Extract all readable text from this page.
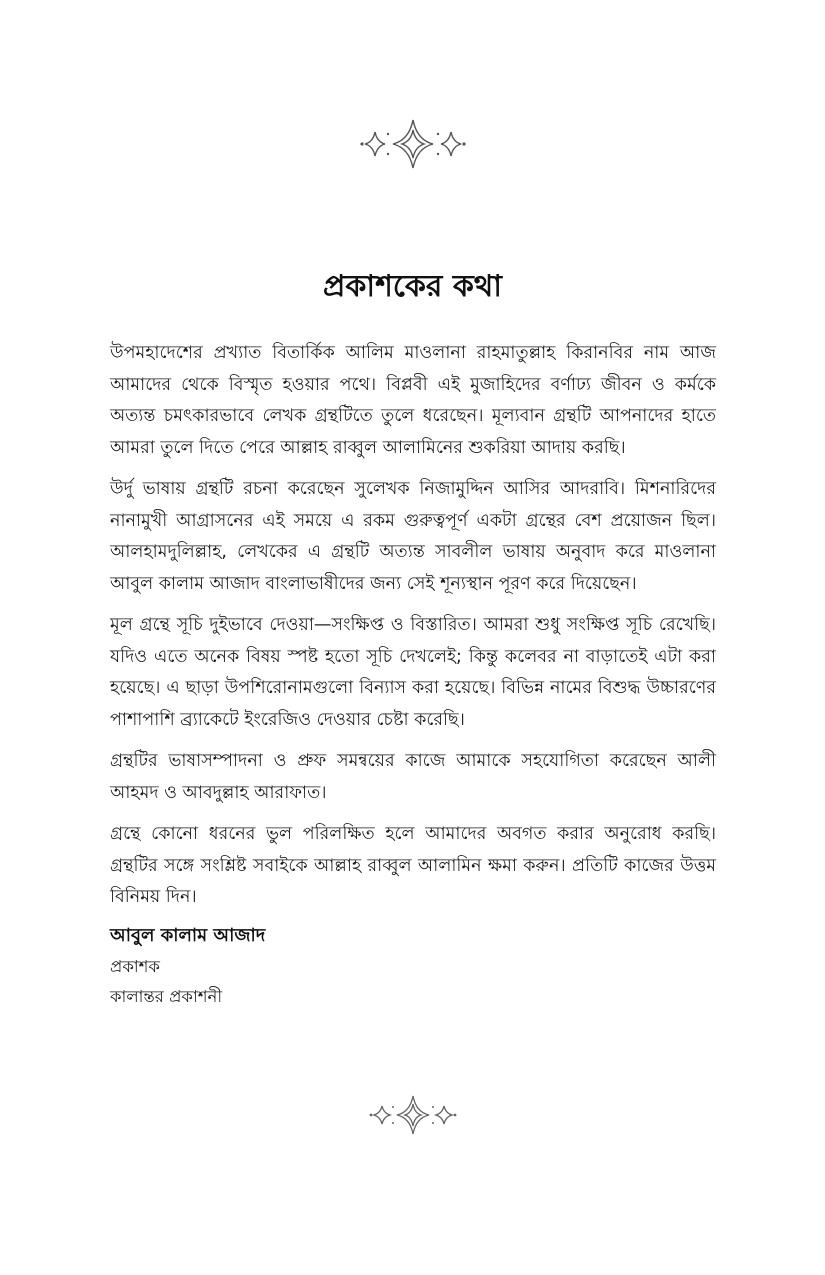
প্রকাশকের কথা

উপমহাদেশের প্রখ্যাত বিতার্কিক আলিম মাওলানা রাহমাতুল্লাহ কিরানবির নাম আজ আমাদের থেকে বিস্মৃত হওয়ার পথে। বিপ্লবী এই মুজাহিদের বর্ণাঢ্য জীবন ও কর্মকে অত্যন্ত চমৎকারভাবে লেখক গ্রন্থটিতে তুলে ধরেছেন। মূল্যবান গ্রন্থটি আপনাদের হাতে আমরা তুলে দিতে পেরে আল্লাহ রাব্বুল আলামিনের শুকরিয়া আদায় করছি।

উর্দু ভাষায় গ্রন্থটি রচনা করেছেন সুলেখক নিজামুদ্দিন আসির আদরাবি। মিশনারিদের নানামুখী আগ্রাসনের এই সময়ে এ রকম গুরুত্বপূর্ণ একটা গ্রন্থের বেশ প্রয়োজন ছিল। আলহামদুলিল্লাহ, লেখকের এ গ্রন্থটি অত্যন্ত সাবলীল ভাষায় অনুবাদ করে মাওলানা আবুল কালাম আজাদ বাংলাভাষীদের জন্য সেই শূন্যস্থান পূরণ করে দিয়েছেন।

মূল গ্রন্থে সূচি দুইভাবে দেওয়া—সংক্ষিপ্ত ও বিস্তারিত। আমরা শুধু সংক্ষিপ্ত সূচি রেখেছি। যদিও এতে অনেক বিষয় স্পষ্ট হতো সূচি দেখলেই; কিন্তু কলেবর না বাড়াতেই এটা করা হয়েছে। এ ছাড়া উপশিরোনামগুলো বিন্যাস করা হয়েছে। বিভিন্ন নামের বিশুদ্ধ উচ্চারণের পাশাপাশি ব্র্যাকেটে ইংরেজিও দেওয়ার চেষ্টা করেছি।

গ্রন্থটির ভাষাসম্পাদনা ও প্রুফ সমন্বয়ের কাজে আমাকে সহযোগিতা করেছেন আলী আহমদ ও আবদুল্লাহ আরাফাত।

গ্রন্থে কোনো ধরনের ভুল পরিলক্ষিত হলে আমাদের অবগত করার অনুরোধ করছি। গ্রন্থটির সঙ্গে সংশ্লিষ্ট সবাইকে আল্লাহ রাব্বুল আলামিন ক্ষমা করুন। প্রতিটি কাজের উত্তম বিনিময় দিন।

আবুল কালাম আজাদ
প্রকাশক
কালান্তর প্রকাশনী
